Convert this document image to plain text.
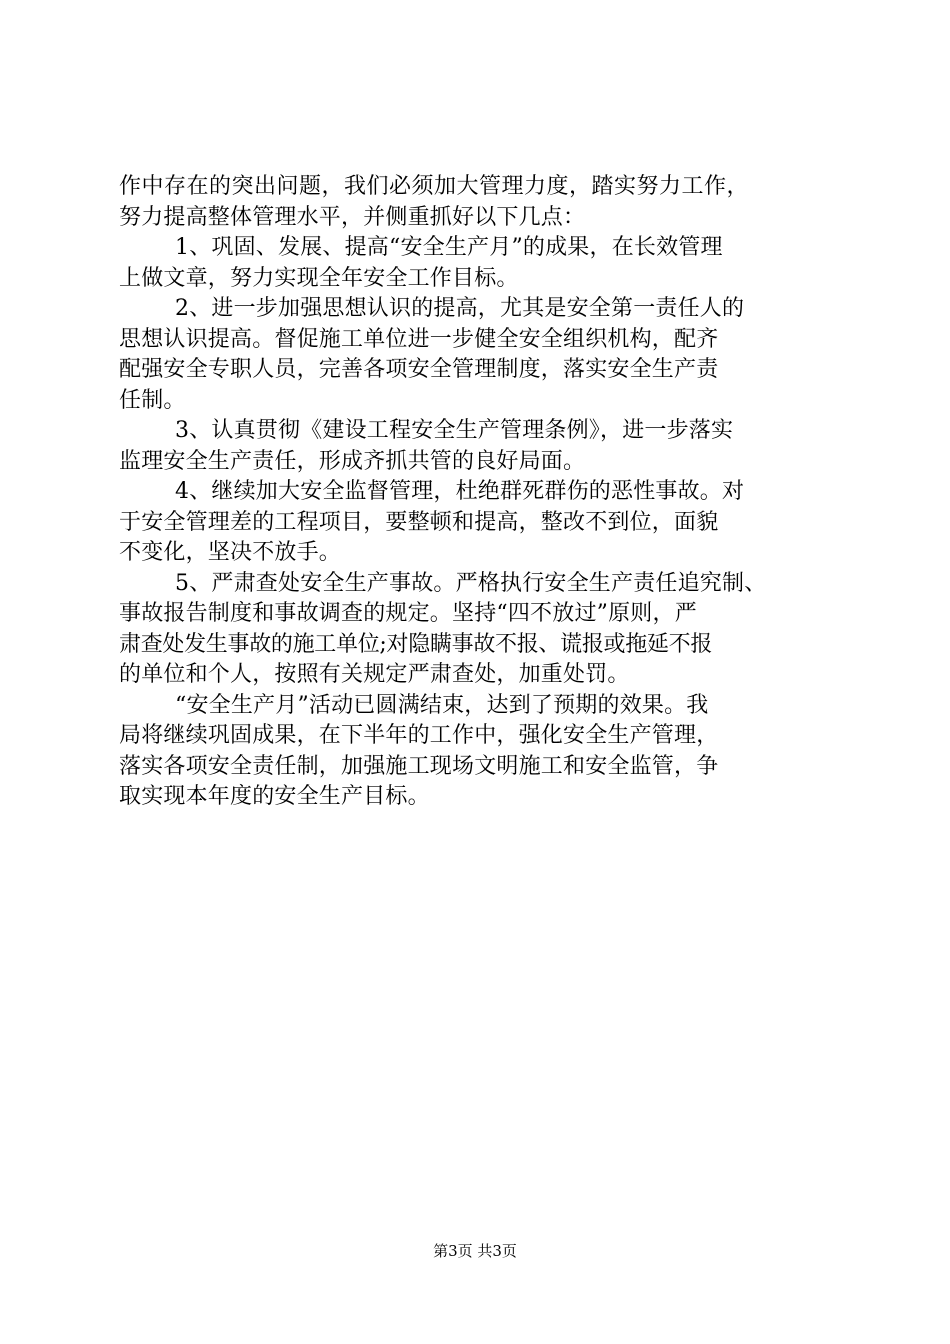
作中存在的突出问题，我们必须加大管理力度，踏实努力工作，
努力提高整体管理水平，并侧重抓好以下几点：
1、巩固、发展、提高“安全生产月”的成果，在长效管理
上做文章，努力实现全年安全工作目标。
2、进一步加强思想认识的提高，尤其是安全第一责任人的
思想认识提高。督促施工单位进一步健全安全组织机构，配齐
配强安全专职人员，完善各项安全管理制度，落实安全生产责
任制。
3、认真贯彻《建设工程安全生产管理条例》，进一步落实
监理安全生产责任，形成齐抓共管的良好局面。
4、继续加大安全监督管理，杜绝群死群伤的恶性事故。对
于安全管理差的工程项目，要整顿和提高，整改不到位，面貌
不变化，坚决不放手。
5、严肃查处安全生产事故。严格执行安全生产责任追究制、
事故报告制度和事故调查的规定。坚持“四不放过”原则，严
肃查处发生事故的施工单位;对隐瞒事故不报、谎报或拖延不报
的单位和个人，按照有关规定严肃查处，加重处罚。
“安全生产月”活动已圆满结束，达到了预期的效果。我
局将继续巩固成果，在下半年的工作中，强化安全生产管理，
落实各项安全责任制，加强施工现场文明施工和安全监管，争
取实现本年度的安全生产目标。
第3页 共3页
